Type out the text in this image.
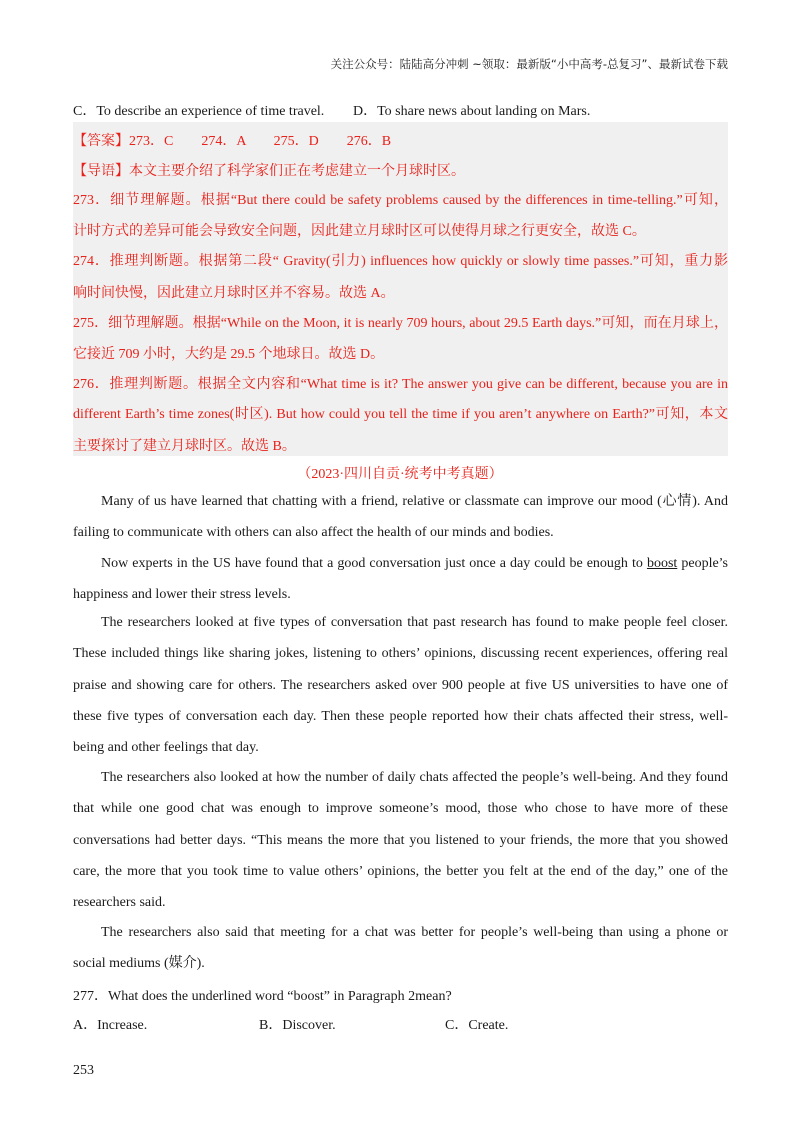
关注公众号：陆陆高分冲刺 ~领取：最新版“小中高考-总复习”、最新试卷下载
C．To describe an experience of time travel. D．To share news about landing on Mars.
【答案】273．C　　274．A　　275．D　　276．B
【导语】本文主要介绍了科学家们正在考虑建立一个月球时区。
273．细节理解题。根据“But there could be safety problems caused by the differences in time-telling.”可知，
计时方式的差异可能会导致安全问题，因此建立月球时区可以使得月球之行更安全，故选 C。
274．推理判断题。根据第二段“ Gravity(引力) influences how quickly or slowly time passes.”可知，重力影
响时间快慢，因此建立月球时区并不容易。故选 A。
275．细节理解题。根据“While on the Moon, it is nearly 709 hours, about 29.5 Earth days.”可知，而在月球上，
它接近 709 小时，大约是 29.5 个地球日。故选 D。
276．推理判断题。根据全文内容和“What time is it? The answer you give can be different, because you are in
different Earth’s time zones(时区). But how could you tell the time if you aren’t anywhere on Earth?”可知，本文
主要探讨了建立月球时区。故选 B。
（2023·四川自贡·统考中考真题）
Many of us have learned that chatting with a friend, relative or classmate can improve our mood (心情). And
failing to communicate with others can also affect the health of our minds and bodies.
Now experts in the US have found that a good conversation just once a day could be enough to boost people’s
happiness and lower their stress levels.
The researchers looked at five types of conversation that past research has found to make people feel closer.
These included things like sharing jokes, listening to others’ opinions, discussing recent experiences, offering real
praise and showing care for others. The researchers asked over 900 people at five US universities to have one of
these five types of conversation each day. Then these people reported how their chats affected their stress, well-
being and other feelings that day.
The researchers also looked at how the number of daily chats affected the people’s well-being. And they found
that while one good chat was enough to improve someone’s mood, those who chose to have more of these
conversations had better days. “This means the more that you listened to your friends, the more that you showed
care, the more that you took time to value others’ opinions, the better you felt at the end of the day,” one of the
researchers said.
The researchers also said that meeting for a chat was better for people’s well-being than using a phone or
social mediums (媒介).
277．What does the underlined word “boost” in Paragraph 2mean?
A．Increase.	B．Discover.	C．Create.
253
